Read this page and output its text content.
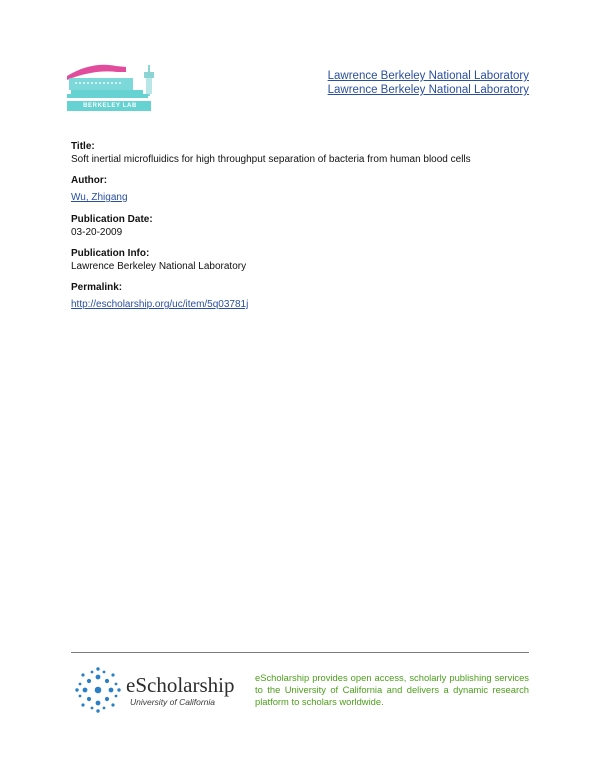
BERKELEY LAB
Lawrence Berkeley National Laboratory
Lawrence Berkeley National Laboratory
Title:
Soft inertial microfluidics for high throughput separation of bacteria from human blood cells
Author:
Wu, Zhigang
Publication Date:
03-20-2009
Publication Info:
Lawrence Berkeley National Laboratory
Permalink:
http://escholarship.org/uc/item/5q03781j
eScholarship
University of California
eScholarship provides open access, scholarly publishing services to the University of California and delivers a dynamic research platform to scholars worldwide.
